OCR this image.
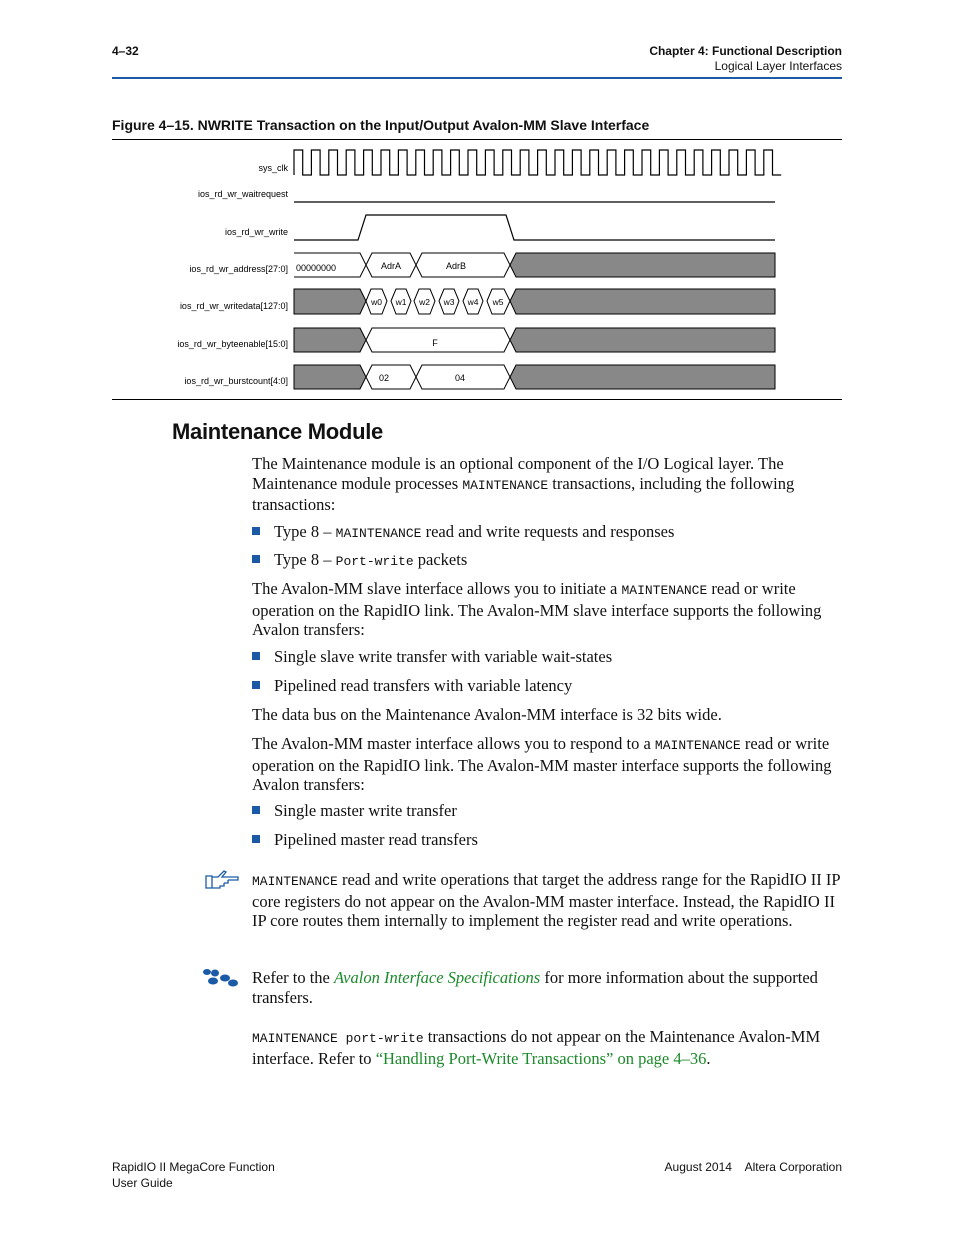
4–32	Chapter 4: Functional Description
Logical Layer Interfaces
Figure 4–15. NWRITE Transaction on the Input/Output Avalon-MM Slave Interface
sys_clk
ios_rd_wr_waitrequest
ios_rd_wr_write
ios_rd_wr_address[27:0]
ios_rd_wr_writedata[127:0]
ios_rd_wr_byteenable[15:0]
ios_rd_wr_burstcount[4:0]
00000000	AdrA	AdrB
w0 w1 w2 w3 w4 w5
F
02	04
Maintenance Module

The Maintenance module is an optional component of the I/O Logical layer. The Maintenance module processes MAINTENANCE transactions, including the following transactions:

Type 8 – MAINTENANCE read and write requests and responses
Type 8 – Port-write packets

The Avalon-MM slave interface allows you to initiate a MAINTENANCE read or write operation on the RapidIO link. The Avalon-MM slave interface supports the following Avalon transfers:

Single slave write transfer with variable wait-states
Pipelined read transfers with variable latency

The data bus on the Maintenance Avalon-MM interface is 32 bits wide.

The Avalon-MM master interface allows you to respond to a MAINTENANCE read or write operation on the RapidIO link. The Avalon-MM master interface supports the following Avalon transfers:

Single master write transfer
Pipelined master read transfers

MAINTENANCE read and write operations that target the address range for the RapidIO II IP core registers do not appear on the Avalon-MM master interface. Instead, the RapidIO II IP core routes them internally to implement the register read and write operations.

Refer to the Avalon Interface Specifications for more information about the supported transfers.

MAINTENANCE port-write transactions do not appear on the Maintenance Avalon-MM interface. Refer to “Handling Port-Write Transactions” on page 4–36.

RapidIO II MegaCore Function
User Guide
August 2014    Altera Corporation
